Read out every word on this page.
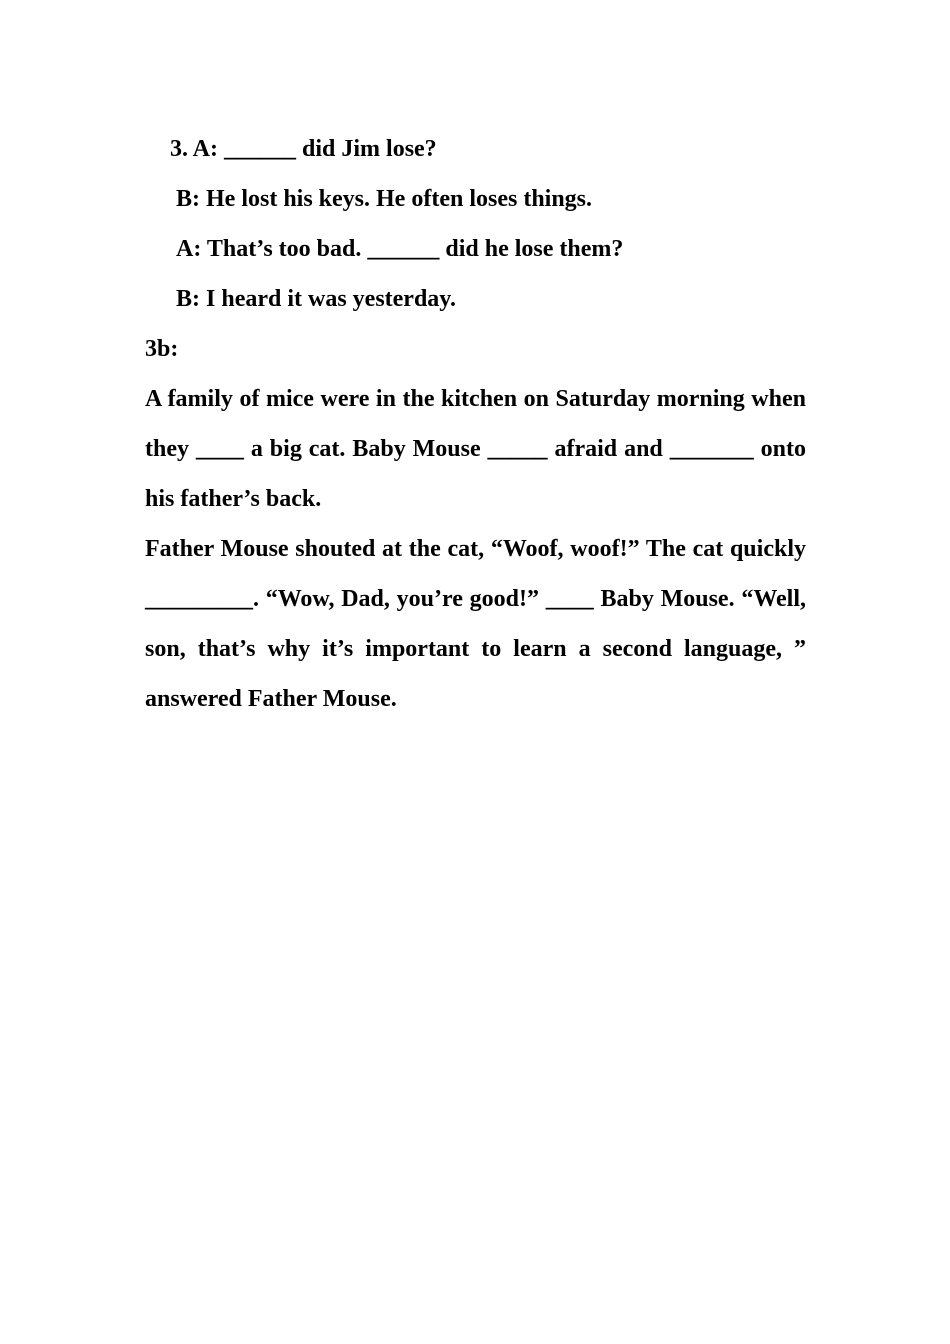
3. A: ______ did Jim lose?
B: He lost his keys. He often loses things.
A: That’s too bad. ______ did he lose them?
B: I heard it was yesterday.
3b:

A family of mice were in the kitchen on Saturday morning when they ____ a big cat. Baby Mouse _____ afraid and _______ onto his father’s back.

Father Mouse shouted at the cat, “Woof, woof!” The cat quickly _________. “Wow, Dad, you’re good!” ____ Baby Mouse. “Well, son, that’s why it’s important to learn a second language, ” answered Father Mouse.
